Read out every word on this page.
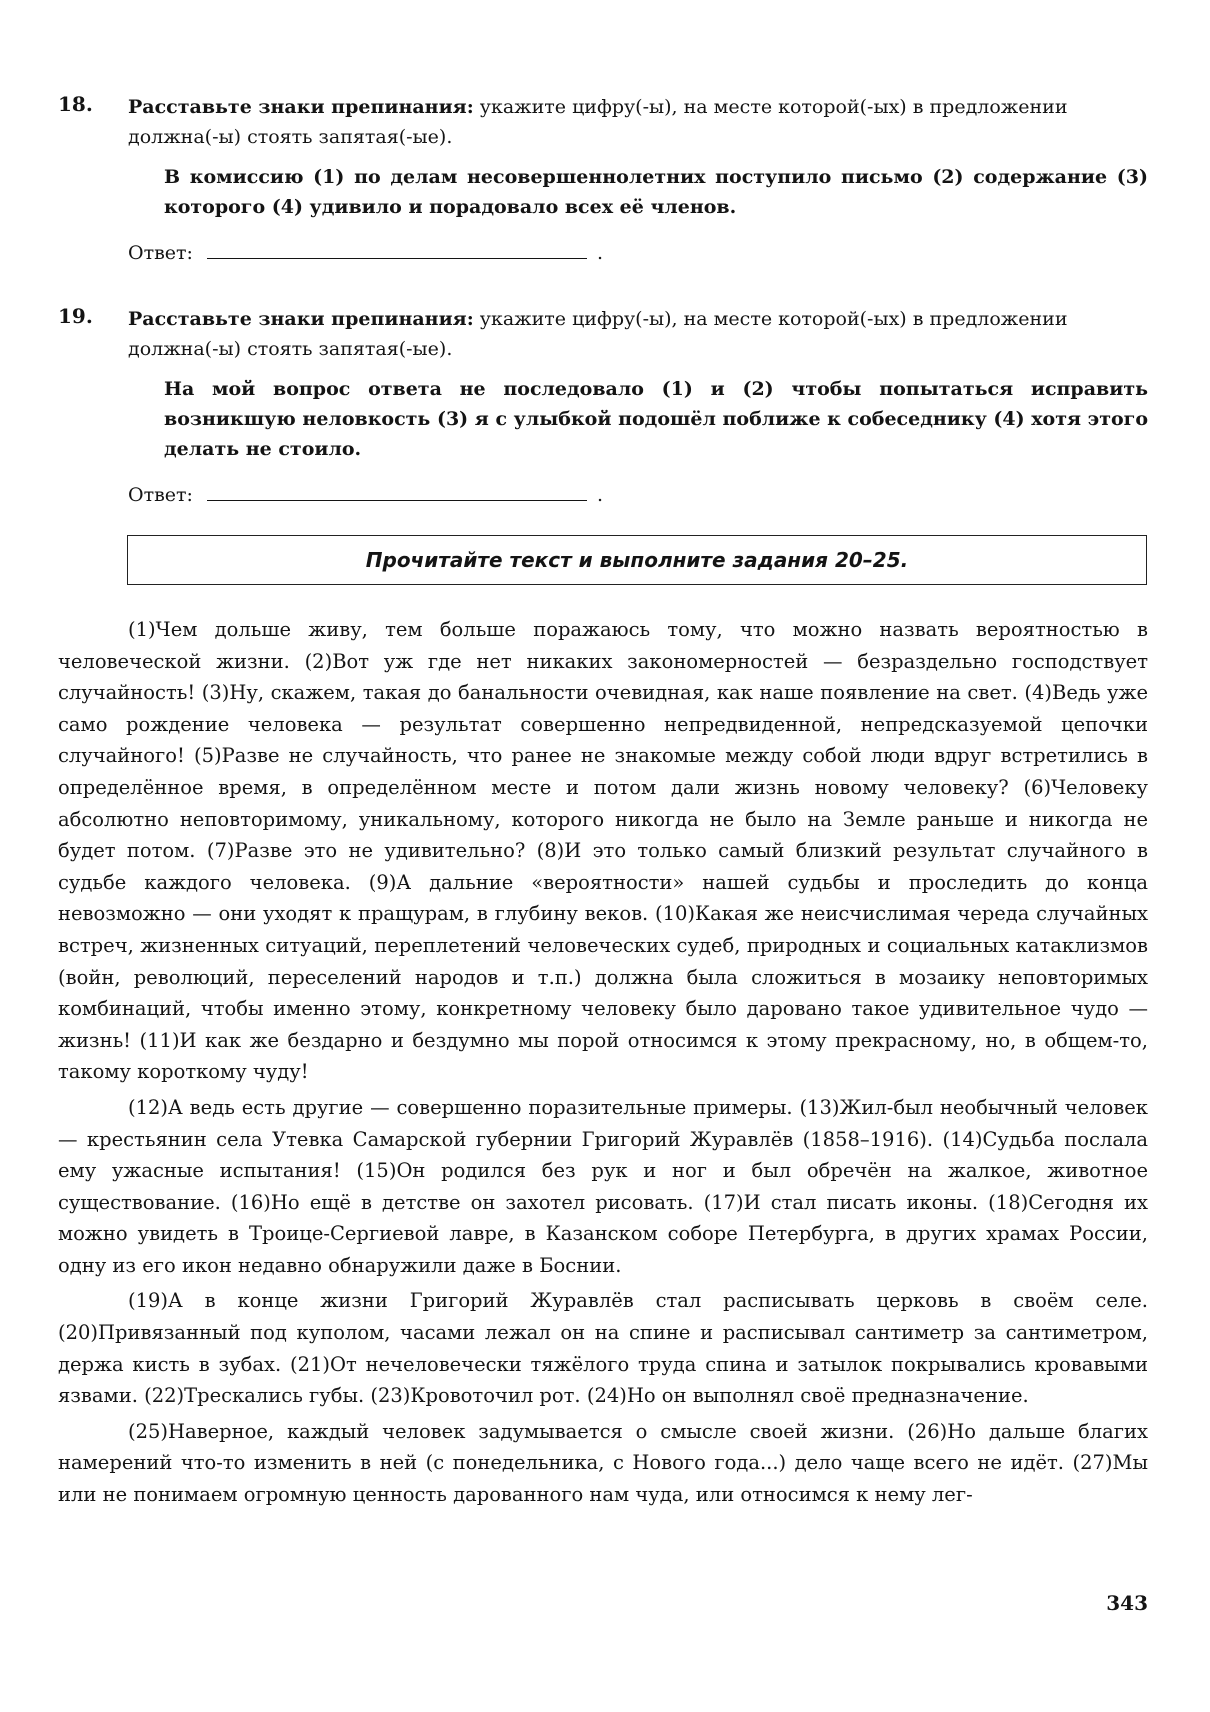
18. Расставьте знаки препинания: укажите цифру(-ы), на месте которой(-ых) в предложении должна(-ы) стоять запятая(-ые).
В комиссию (1) по делам несовершеннолетних поступило письмо (2) содержание (3) которого (4) удивило и порадовало всех её членов.
Ответ:	.
19. Расставьте знаки препинания: укажите цифру(-ы), на месте которой(-ых) в предложении должна(-ы) стоять запятая(-ые).
На мой вопрос ответа не последовало (1) и (2) чтобы попытаться исправить возникшую неловкость (3) я с улыбкой подошёл поближе к собеседнику (4) хотя этого делать не стоило.
Ответ:	.
Прочитайте текст и выполните задания 20–25.

(1)Чем дольше живу, тем больше поражаюсь тому, что можно назвать вероятностью в человеческой жизни. (2)Вот уж где нет никаких закономерностей — безраздельно господствует случайность! (3)Ну, скажем, такая до банальности очевидная, как наше появление на свет. (4)Ведь уже само рождение человека — результат совершенно непредвиденной, непредсказуемой цепочки случайного! (5)Разве не случайность, что ранее не знакомые между собой люди вдруг встретились в определённое время, в определённом месте и потом дали жизнь новому человеку? (6)Человеку абсолютно неповторимому, уникальному, которого никогда не было на Земле раньше и никогда не будет потом. (7)Разве это не удивительно? (8)И это только самый близкий результат случайного в судьбе каждого человека. (9)А дальние «вероятности» нашей судьбы и проследить до конца невозможно — они уходят к пращурам, в глубину веков. (10)Какая же неисчислимая череда случайных встреч, жизненных ситуаций, переплетений человеческих судеб, природных и социальных катаклизмов (войн, революций, переселений народов и т.п.) должна была сложиться в мозаику неповторимых комбинаций, чтобы именно этому, конкретному человеку было даровано такое удивительное чудо — жизнь! (11)И как же бездарно и бездумно мы порой относимся к этому прекрасному, но, в общем-то, такому короткому чуду!

(12)А ведь есть другие — совершенно поразительные примеры. (13)Жил-был необычный человек — крестьянин села Утевка Самарской губернии Григорий Журавлёв (1858–1916). (14)Судьба послала ему ужасные испытания! (15)Он родился без рук и ног и был обречён на жалкое, животное существование. (16)Но ещё в детстве он захотел рисовать. (17)И стал писать иконы. (18)Сегодня их можно увидеть в Троице-Сергиевой лавре, в Казанском соборе Петербурга, в других храмах России, одну из его икон недавно обнаружили даже в Боснии.

(19)А в конце жизни Григорий Журавлёв стал расписывать церковь в своём селе. (20)Привязанный под куполом, часами лежал он на спине и расписывал сантиметр за сантиметром, держа кисть в зубах. (21)От нечеловечески тяжёлого труда спина и затылок покрывались кровавыми язвами. (22)Трескались губы. (23)Кровоточил рот. (24)Но он выполнял своё предназначение.

(25)Наверное, каждый человек задумывается о смысле своей жизни. (26)Но дальше благих намерений что-то изменить в ней (с понедельника, с Нового года...) дело чаще всего не идёт. (27)Мы или не понимаем огромную ценность дарованного нам чуда, или относимся к нему лег-

343
